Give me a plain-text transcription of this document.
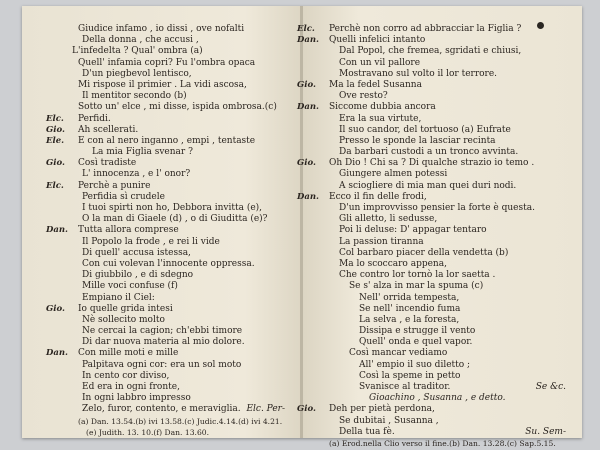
Giudice infamo , io dissi , ove nofalti
Della donna , che accusi ,
L'infedelta ? Qual' ombra (a)
Quell' infamia copri? Fu l'ombra opaca
D'un piegbevol lentisco,
Mi rispose il primier . La vidi ascosa,
Il mentitor secondo (b)
Sotto un' elce , mi disse, ispida ombrosa.(c)
Elc. Perfidi.
Gio. Ah scellerati.
Ele. E con al nero inganno , empi , tentaste
La mia Figlia svenar ?
Gio. Così tradiste
L' innocenza , e l' onor?
Elc. Perchè a punire
Perfidia sì crudele
I tuoi spirti non ho, Debbora invitta (e),
O la man di Giaele (d) , o di Giuditta (e)?
Dan. Tutta allora comprese
Il Popolo la frode , e rei li vide
Di quell' accusa istessa,
Con cui volevan l'innocente oppressa.
Di giubbilo , e di sdegno
Mille voci confuse (f)
Empiano il Ciel:
Gio. Io quelle grida intesi
Nè sollecito molto
Ne cercai la cagion; ch'ebbi timore
Di dar nuova materia al mio dolore.
Dan. Con mille moti e mille
Palpitava ogni cor: era un sol moto
In cento cor diviso,
Ed era in ogni fronte,
In ogni labbro impresso
Zelo, furor, contento, e meraviglia. Elc. Per-
(a) Dan. 13.54.(b) ivi 13.58.(c) Judic.4.14.(d) ivi 4.21.
(e) Judith. 13. 10.(f) Dan. 13.60.
Elc. Perchè non corro ad abbracciar la Figlia ?
Dan. Quelli infelici intanto
Dal Popol, che fremea, sgridati e chiusi,
Con un vil pallore
Mostravano sul volto il lor terrore.
Gio. Ma la fedel Susanna
Ove resto?
Dan. Siccome dubbia ancora
Era la sua virtute,
Il suo candor, del tortuoso (a) Eufrate
Presso le sponde la lasciar recinta
Da barbari custodi a un tronco avvinta.
Gio. Oh Dio ! Chi sa ? Di qualche strazio io temo .
Giungere almen potessi
A sciogliere di mia man quei duri nodi.
Dan. Ecco il fin delle frodi,
D'un improvvisso pensier la forte è questa.
Gli alletto, li sedusse,
Poi li deluse: D' appagar tentaro
La passion tiranna
Col barbaro piacer della vendetta (b)
Ma lo scoccaro appena,
Che contro lor tornò la lor saetta .
Se s' alza in mar la spuma (c)
Nell' orrida tempesta,
Se nell' incendio fuma
La selva , e la foresta,
Dissipa e strugge il vento
Quell' onda e quel vapor.
Così mancar vediamo
All' empio il suo diletto ;
Così la speme in petto
Svanisce al traditor.	Se &c.
Gioachino , Susanna , e detto.
Gio. Deh per pietà perdona,
Se dubitai , Susanna ,
Della tua fè.	Su. Sem-
(a) Erod.nella Clio verso il fine.(b) Dan. 13.28.(c) Sap.5.15.
